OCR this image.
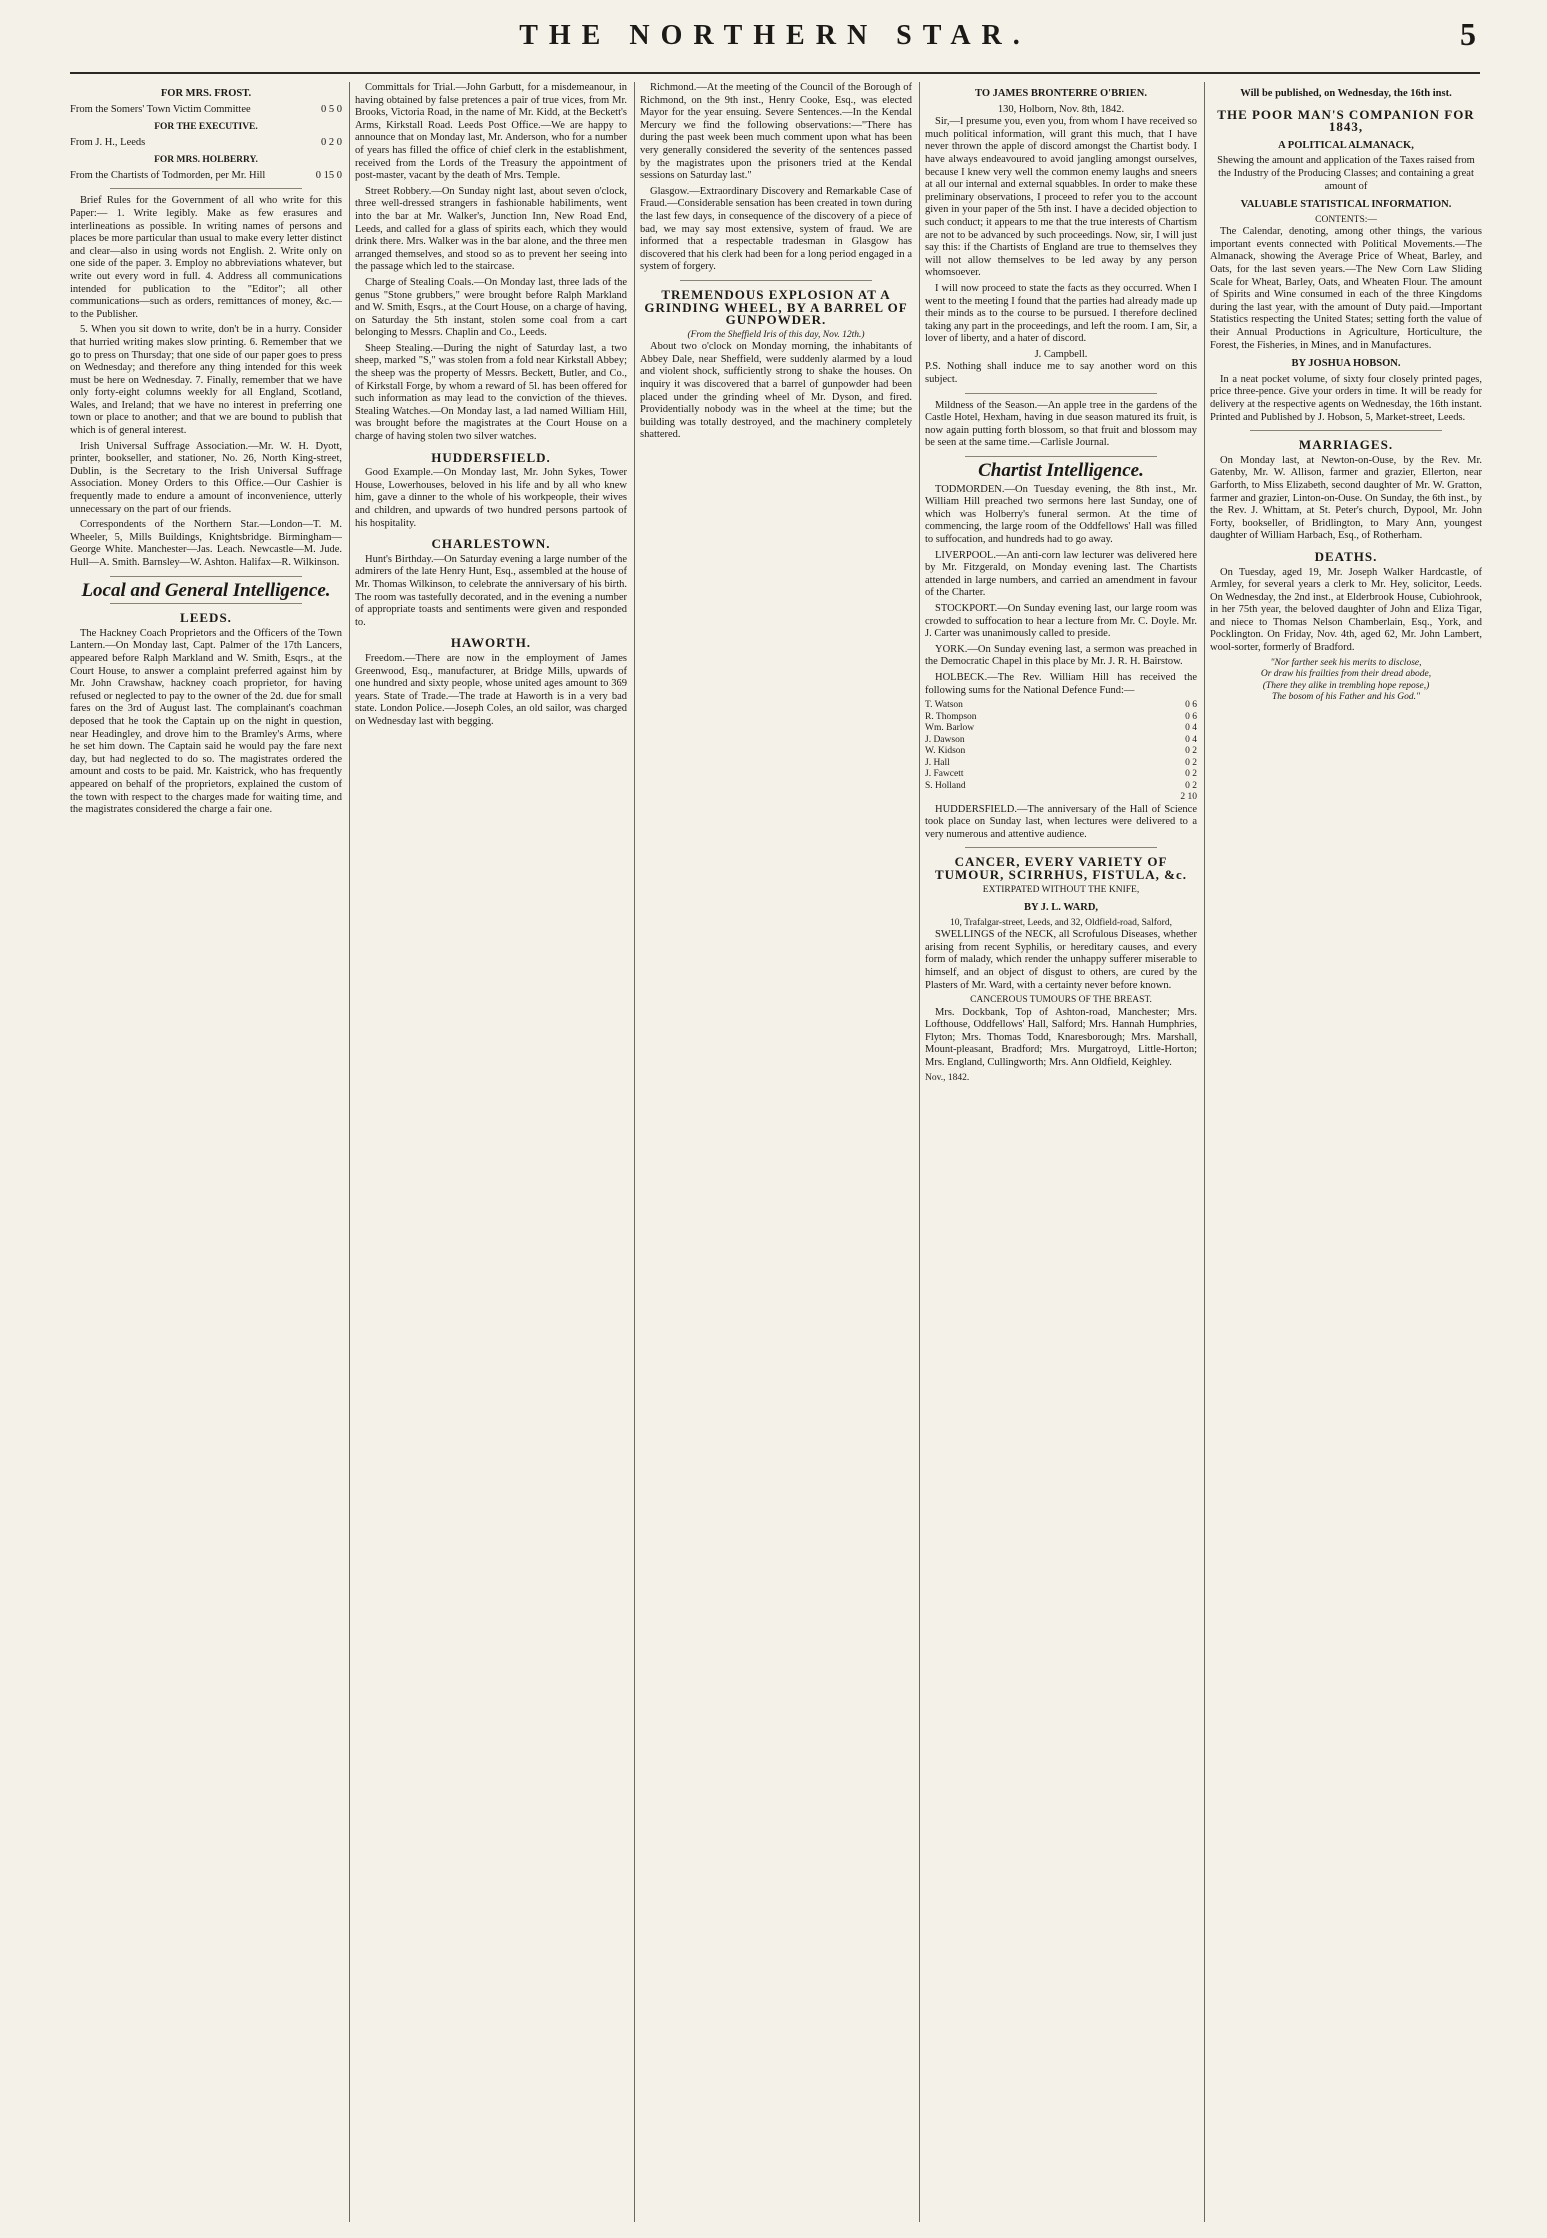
THE NORTHERN STAR.	5
FOR MRS. FROST.
From the Somers' Town Victim Committee	0 5 0
FOR THE EXECUTIVE.
From J. H., Leeds	0 2 0
FOR MRS. HOLBERRY.
From the Chartists of Todmorden, per Mr. Hill	0 15 0

Brief Rules for the Government of all who write for this Paper:— 1. Write legibly. Make as few erasures and interlineations as possible. In writing names of persons and places be more particular than usual to make every letter distinct and clear—also in using words not English. 2. Write only on one side of the paper. 3. Employ no abbreviations whatever, but write out every word in full. 4. Address all communications intended for publication to the "Editor"; all other communications—such as orders, remittances of money, &c.—to the Publisher.

5. When you sit down to write, don't be in a hurry. Consider that hurried writing makes slow printing. 6. Remember that we go to press on Thursday; that one side of our paper goes to press on Wednesday; and therefore any thing intended for this week must be here on Wednesday. 7. Finally, remember that we have only forty-eight columns weekly for all England, Scotland, Wales, and Ireland; that we have no interest in preferring one town or place to another; and that we are bound to publish that which is of general interest.

Irish Universal Suffrage Association.—Mr. W. H. Dyott, printer, bookseller, and stationer, No. 26, North King-street, Dublin, is the Secretary to the Irish Universal Suffrage Association. Money Orders to this Office.—Our Cashier is frequently made to endure a amount of inconvenience, utterly unnecessary on the part of our friends.

Correspondents of the Northern Star.—London—T. M. Wheeler, 5, Mills Buildings, Knightsbridge. Birmingham—George White. Manchester—Jas. Leach. Newcastle—M. Jude. Hull—A. Smith. Barnsley—W. Ashton. Halifax—R. Wilkinson.

Local and General Intelligence.
LEEDS.

The Hackney Coach Proprietors and the Officers of the Town Lantern.—On Monday last, Capt. Palmer of the 17th Lancers, appeared before Ralph Markland and W. Smith, Esqrs., at the Court House, to answer a complaint preferred against him by Mr. John Crawshaw, hackney coach proprietor, for having refused or neglected to pay to the owner of the 2d. due for small fares on the 3rd of August last. The complainant's coachman deposed that he took the Captain up on the night in question, near Headingley, and drove him to the Bramley's Arms, where he set him down. The Captain said he would pay the fare next day, but had neglected to do so. The magistrates ordered the amount and costs to be paid. Mr. Kaistrick, who has frequently appeared on behalf of the proprietors, explained the custom of the town with respect to the charges made for waiting time, and the magistrates considered the charge a fair one.

Committals for Trial.—John Garbutt, for a misdemeanour, in having obtained by false pretences a pair of true vices, from Mr. Brooks, Victoria Road, in the name of Mr. Kidd, at the Beckett's Arms, Kirkstall Road. Leeds Post Office.—We are happy to announce that on Monday last, Mr. Anderson, who for a number of years has filled the office of chief clerk in the establishment, received from the Lords of the Treasury the appointment of post-master, vacant by the death of Mrs. Temple.

Street Robbery.—On Sunday night last, about seven o'clock, three well-dressed strangers in fashionable habiliments, went into the bar at Mr. Walker's, Junction Inn, New Road End, Leeds, and called for a glass of spirits each, which they would drink there. Mrs. Walker was in the bar alone, and the three men arranged themselves, and stood so as to prevent her seeing into the passage which led to the staircase.

Charge of Stealing Coals.—On Monday last, three lads of the genus "Stone grubbers," were brought before Ralph Markland and W. Smith, Esqrs., at the Court House, on a charge of having, on Saturday the 5th instant, stolen some coal from a cart belonging to Messrs. Chaplin and Co., Leeds.

Sheep Stealing.—During the night of Saturday last, a two sheep, marked "S," was stolen from a fold near Kirkstall Abbey; the sheep was the property of Messrs. Beckett, Butler, and Co., of Kirkstall Forge, by whom a reward of 5l. has been offered for such information as may lead to the conviction of the thieves. Stealing Watches.—On Monday last, a lad named William Hill, was brought before the magistrates at the Court House on a charge of having stolen two silver watches.

HUDDERSFIELD.

Good Example.—On Monday last, Mr. John Sykes, Tower House, Lowerhouses, beloved in his life and by all who knew him, gave a dinner to the whole of his workpeople, their wives and children, and upwards of two hundred persons partook of his hospitality.

CHARLESTOWN.

Hunt's Birthday.—On Saturday evening a large number of the admirers of the late Henry Hunt, Esq., assembled at the house of Mr. Thomas Wilkinson, to celebrate the anniversary of his birth. The room was tastefully decorated, and in the evening a number of appropriate toasts and sentiments were given and responded to.

HAWORTH.

Freedom.—There are now in the employment of James Greenwood, Esq., manufacturer, at Bridge Mills, upwards of one hundred and sixty people, whose united ages amount to 369 years. State of Trade.—The trade at Haworth is in a very bad state. London Police.—Joseph Coles, an old sailor, was charged on Wednesday last with begging.

Richmond.—At the meeting of the Council of the Borough of Richmond, on the 9th inst., Henry Cooke, Esq., was elected Mayor for the year ensuing. Severe Sentences.—In the Kendal Mercury we find the following observations:—"There has during the past week been much comment upon what has been very generally considered the severity of the sentences passed by the magistrates upon the prisoners tried at the Kendal sessions on Saturday last."

Glasgow.—Extraordinary Discovery and Remarkable Case of Fraud.—Considerable sensation has been created in town during the last few days, in consequence of the discovery of a piece of bad, we may say most extensive, system of fraud. We are informed that a respectable tradesman in Glasgow has discovered that his clerk had been for a long period engaged in a system of forgery.

TREMENDOUS EXPLOSION AT A GRINDING WHEEL, BY A BARREL OF GUNPOWDER.
(From the Sheffield Iris of this day, Nov. 12th.)

About two o'clock on Monday morning, the inhabitants of Abbey Dale, near Sheffield, were suddenly alarmed by a loud and violent shock, sufficiently strong to shake the houses. On inquiry it was discovered that a barrel of gunpowder had been placed under the grinding wheel of Mr. Dyson, and fired. Providentially nobody was in the wheel at the time; but the building was totally destroyed, and the machinery completely shattered.

TO JAMES BRONTERRE O'BRIEN.
130, Holborn, Nov. 8th, 1842.

Sir,—I presume you, even you, from whom I have received so much political information, will grant this much, that I have never thrown the apple of discord amongst the Chartist body. I have always endeavoured to avoid jangling amongst ourselves, because I knew very well the common enemy laughs and sneers at all our internal and external squabbles. In order to make these preliminary observations, I proceed to refer you to the account given in your paper of the 5th inst. I have a decided objection to such conduct; it appears to me that the true interests of Chartism are not to be advanced by such proceedings. Now, sir, I will just say this: if the Chartists of England are true to themselves they will not allow themselves to be led away by any person whomsoever.

I will now proceed to state the facts as they occurred. When I went to the meeting I found that the parties had already made up their minds as to the course to be pursued. I therefore declined taking any part in the proceedings, and left the room. I am, Sir, a lover of liberty, and a hater of discord.

J. Campbell.

P.S. Nothing shall induce me to say another word on this subject.

Mildness of the Season.—An apple tree in the gardens of the Castle Hotel, Hexham, having in due season matured its fruit, is now again putting forth blossom, so that fruit and blossom may be seen at the same time.—Carlisle Journal.

Chartist Intelligence.

TODMORDEN.—On Tuesday evening, the 8th inst., Mr. William Hill preached two sermons here last Sunday, one of which was Holberry's funeral sermon. At the time of commencing, the large room of the Oddfellows' Hall was filled to suffocation, and hundreds had to go away.

LIVERPOOL.—An anti-corn law lecturer was delivered here by Mr. Fitzgerald, on Monday evening last. The Chartists attended in large numbers, and carried an amendment in favour of the Charter.

STOCKPORT.—On Sunday evening last, our large room was crowded to suffocation to hear a lecture from Mr. C. Doyle. Mr. J. Carter was unanimously called to preside.

YORK.—On Sunday evening last, a sermon was preached in the Democratic Chapel in this place by Mr. J. R. H. Bairstow.

HOLBECK.—The Rev. William Hill has received the following sums for the National Defence Fund:—

T. Watson	0 6
R. Thompson	0 6
Wm. Barlow	0 4
J. Dawson	0 4
W. Kidson	0 2
J. Hall	0 2
J. Fawcett	0 2
S. Holland	0 2
2 10

HUDDERSFIELD.—The anniversary of the Hall of Science took place on Sunday last, when lectures were delivered to a very numerous and attentive audience.

CANCER, EVERY VARIETY OF TUMOUR, SCIRRHUS, FISTULA, &c.
EXTIRPATED WITHOUT THE KNIFE,
BY J. L. WARD,
10, Trafalgar-street, Leeds, and 32, Oldfield-road, Salford,

SWELLINGS of the NECK, all Scrofulous Diseases, whether arising from recent Syphilis, or hereditary causes, and every form of malady, which render the unhappy sufferer miserable to himself, and an object of disgust to others, are cured by the Plasters of Mr. Ward, with a certainty never before known.

CANCEROUS TUMOURS OF THE BREAST.

Mrs. Dockbank, Top of Ashton-road, Manchester; Mrs. Lofthouse, Oddfellows' Hall, Salford; Mrs. Hannah Humphries, Flyton; Mrs. Thomas Todd, Knaresborough; Mrs. Marshall, Mount-pleasant, Bradford; Mrs. Murgatroyd, Little-Horton; Mrs. England, Cullingworth; Mrs. Ann Oldfield, Keighley.

Nov., 1842.
Will be published, on Wednesday, the 16th inst.
THE POOR MAN'S COMPANION FOR 1843,
A POLITICAL ALMANACK,

Shewing the amount and application of the Taxes raised from the Industry of the Producing Classes; and containing a great amount of

VALUABLE STATISTICAL INFORMATION.
CONTENTS:—

The Calendar, denoting, among other things, the various important events connected with Political Movements.—The Almanack, showing the Average Price of Wheat, Barley, and Oats, for the last seven years.—The New Corn Law Sliding Scale for Wheat, Barley, Oats, and Wheaten Flour. The amount of Spirits and Wine consumed in each of the three Kingdoms during the last year, with the amount of Duty paid.—Important Statistics respecting the United States; setting forth the value of their Annual Productions in Agriculture, Horticulture, the Forest, the Fisheries, in Mines, and in Manufactures.

BY JOSHUA HOBSON.

In a neat pocket volume, of sixty four closely printed pages, price three-pence. Give your orders in time. It will be ready for delivery at the respective agents on Wednesday, the 16th instant. Printed and Published by J. Hobson, 5, Market-street, Leeds.

MARRIAGES.

On Monday last, at Newton-on-Ouse, by the Rev. Mr. Gatenby, Mr. W. Allison, farmer and grazier, Ellerton, near Garforth, to Miss Elizabeth, second daughter of Mr. W. Gratton, farmer and grazier, Linton-on-Ouse. On Sunday, the 6th inst., by the Rev. J. Whittam, at St. Peter's church, Dypool, Mr. John Forty, bookseller, of Bridlington, to Mary Ann, youngest daughter of William Harbach, Esq., of Rotherham.

DEATHS.

On Tuesday, aged 19, Mr. Joseph Walker Hardcastle, of Armley, for several years a clerk to Mr. Hey, solicitor, Leeds. On Wednesday, the 2nd inst., at Elderbrook House, Cubiohrook, in her 75th year, the beloved daughter of John and Eliza Tigar, and niece to Thomas Nelson Chamberlain, Esq., York, and Pocklington. On Friday, Nov. 4th, aged 62, Mr. John Lambert, wool-sorter, formerly of Bradford.

"Nor farther seek his merits to disclose,
Or draw his frailties from their dread abode,
(There they alike in trembling hope repose,)
The bosom of his Father and his God."
